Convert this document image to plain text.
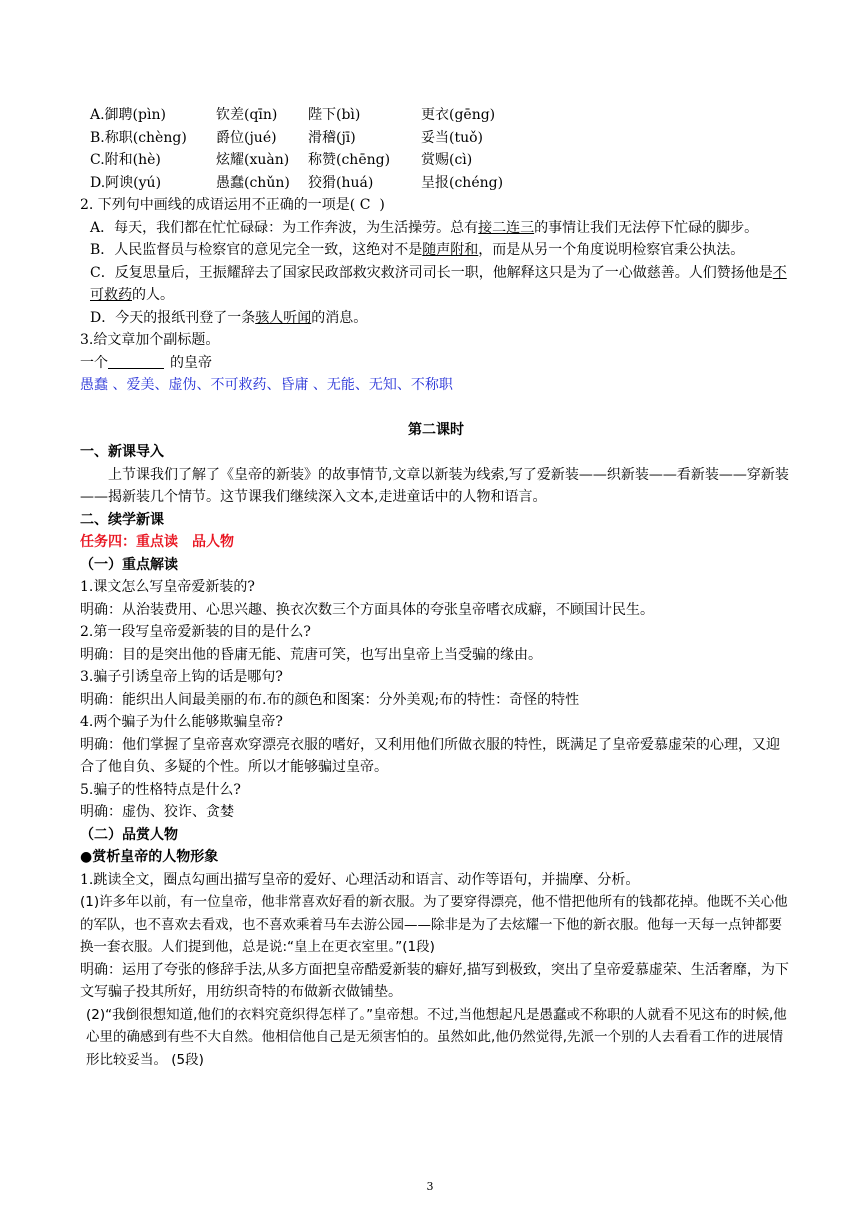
A.御聘(pìn)	钦差(qīn) 陛下(bì)	更衣(gēng)
B.称职(chèng) 爵位(jué) 滑稽(jī)	妥当(tuǒ)
C.附和(hè)	炫耀(xuàn) 称赞(chēng) 赏赐(cì)
D.阿谀(yú)	愚蠢(chǔn) 狡猾(huá)	呈报(chéng)
2. 下列句中画线的成语运用不正确的一项是( C )
A．每天，我们都在忙忙碌碌：为工作奔波，为生活操劳。总有接二连三的事情让我们无法停下忙碌的脚步。
B．人民监督员与检察官的意见完全一致，这绝对不是随声附和，而是从另一个角度说明检察官秉公执法。
C．反复思量后，王振耀辞去了国家民政部救灾救济司司长一职，他解释这只是为了一心做慈善。人们赞扬他是不可救药的人。
D．今天的报纸刊登了一条骇人听闻的消息。
3.给文章加个副标题。
一个	的皇帝
愚蠢 、爱美、虚伪、不可救药、昏庸 、无能、无知、不称职
第二课时
一、新课导入
上节课我们了解了《皇帝的新装》的故事情节,文章以新装为线索,写了爱新装——织新装——看新装——穿新装——揭新装几个情节。这节课我们继续深入文本,走进童话中的人物和语言。
二、续学新课
任务四：重点读　品人物
（一）重点解读
1.课文怎么写皇帝爱新装的?
明确：从治装费用、心思兴趣、换衣次数三个方面具体的夸张皇帝嗜衣成癖，不顾国计民生。
2.第一段写皇帝爱新装的目的是什么?
明确：目的是突出他的昏庸无能、荒唐可笑，也写出皇帝上当受骗的缘由。
3.骗子引诱皇帝上钩的话是哪句?
明确：能织出人间最美丽的布.布的颜色和图案：分外美观;布的特性：奇怪的特性
4.两个骗子为什么能够欺骗皇帝?
明确：他们掌握了皇帝喜欢穿漂亮衣服的嗜好，又利用他们所做衣服的特性，既满足了皇帝爱慕虚荣的心理，又迎合了他自负、多疑的个性。所以才能够骗过皇帝。
5.骗子的性格特点是什么?
明确：虚伪、狡诈、贪婪
（二）品赏人物
●赏析皇帝的人物形象
1.跳读全文，圈点勾画出描写皇帝的爱好、心理活动和语言、动作等语句，并揣摩、分析。
(1)许多年以前，有一位皇帝，他非常喜欢好看的新衣服。为了要穿得漂亮，他不惜把他所有的钱都花掉。他既不关心他的军队，也不喜欢去看戏，也不喜欢乘着马车去游公园——除非是为了去炫耀一下他的新衣服。他每一天每一点钟都要换一套衣服。人们提到他，总是说:“皇上在更衣室里。”(1段)
明确：运用了夸张的修辞手法,从多方面把皇帝酷爱新装的癖好,描写到极致，突出了皇帝爱慕虚荣、生活奢靡，为下文写骗子投其所好，用纺织奇特的布做新衣做铺垫。
(2)“我倒很想知道,他们的衣料究竟织得怎样了。”皇帝想。不过,当他想起凡是愚蠢或不称职的人就看不见这布的时候,他心里的确感到有些不大自然。他相信他自己是无须害怕的。虽然如此,他仍然觉得,先派一个别的人去看看工作的进展情形比较妥当。 (5段)
3
